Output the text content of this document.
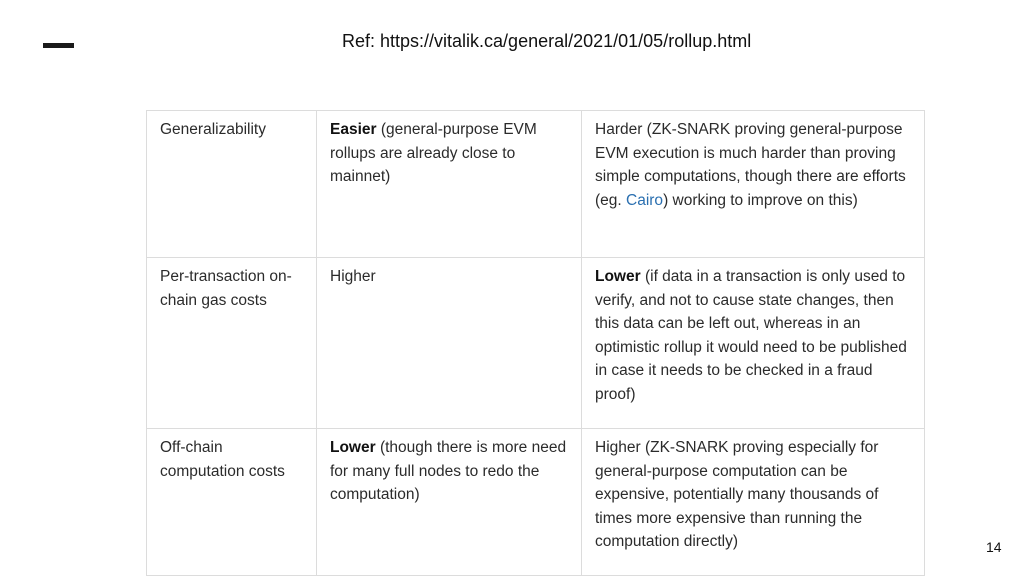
Ref: https://vitalik.ca/general/2021/01/05/rollup.html
Generalizability	Easier (general-purpose EVM rollups are already close to mainnet)	Harder (ZK-SNARK proving general-purpose EVM execution is much harder than proving simple computations, though there are efforts (eg. Cairo) working to improve on this)
Per-transaction on-chain gas costs	Higher	Lower (if data in a transaction is only used to verify, and not to cause state changes, then this data can be left out, whereas in an optimistic rollup it would need to be published in case it needs to be checked in a fraud proof)
Off-chain computation costs	Lower (though there is more need for many full nodes to redo the computation)	Higher (ZK-SNARK proving especially for general-purpose computation can be expensive, potentially many thousands of times more expensive than running the computation directly)	14
